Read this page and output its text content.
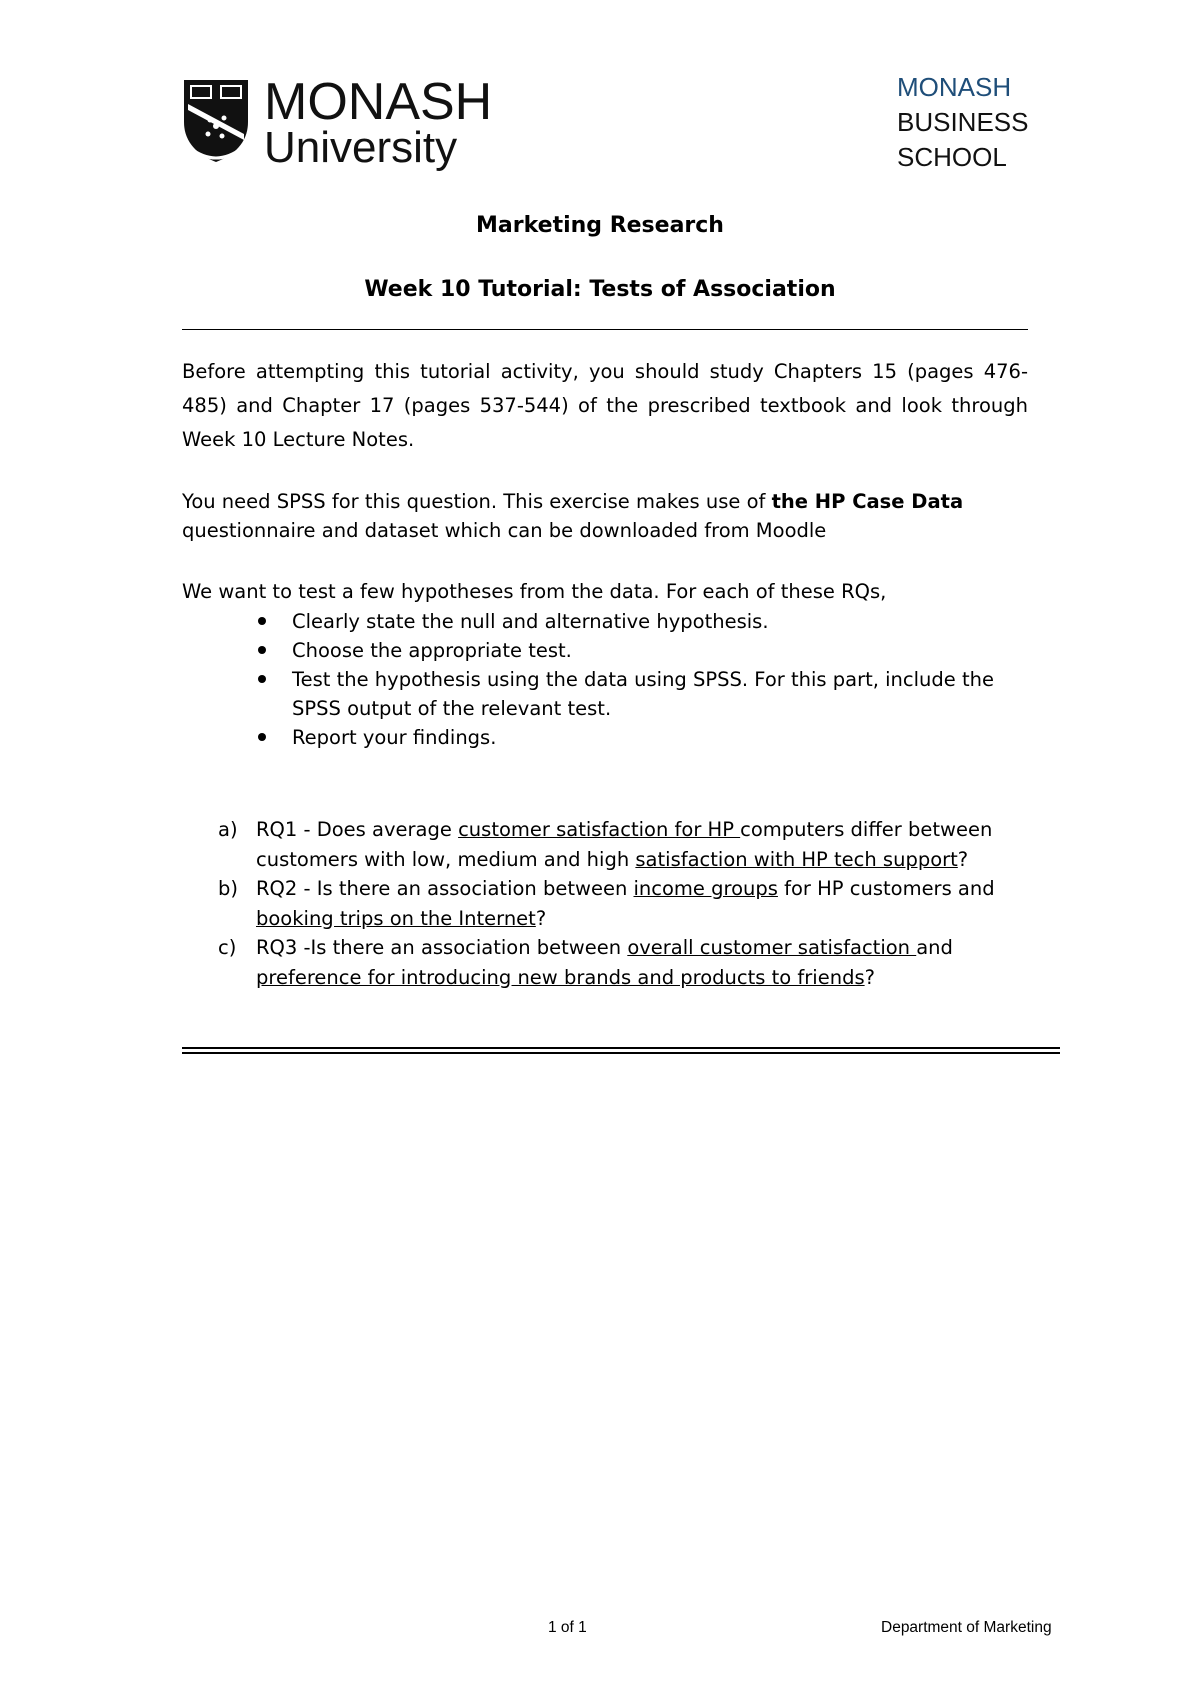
MONASH
University
MONASH
BUSINESS
SCHOOL
Marketing Research
Week 10 Tutorial: Tests of Association
Before attempting this tutorial activity, you should study Chapters 15 (pages 476-485) and Chapter 17 (pages 537-544) of the prescribed textbook and look through Week 10 Lecture Notes.
You need SPSS for this question. This exercise makes use of the HP Case Data questionnaire and dataset which can be downloaded from Moodle
We want to test a few hypotheses from the data. For each of these RQs,
Clearly state the null and alternative hypothesis.
Choose the appropriate test.
Test the hypothesis using the data using SPSS. For this part, include the SPSS output of the relevant test.
Report your findings.
a) RQ1 - Does average customer satisfaction for HP computers differ between customers with low, medium and high satisfaction with HP tech support?
b) RQ2 - Is there an association between income groups for HP customers and booking trips on the Internet?
c) RQ3 -Is there an association between overall customer satisfaction and preference for introducing new brands and products to friends?
1 of 1	Department of Marketing
